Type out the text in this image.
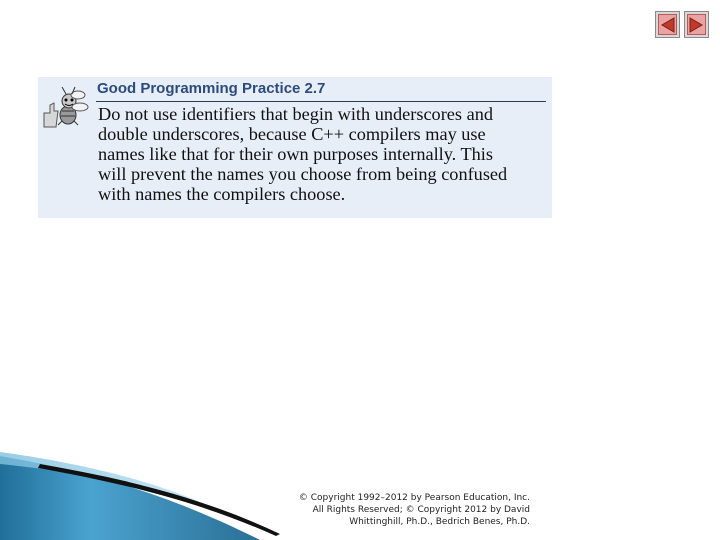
Good Programming Practice 2.7

Do not use identifiers that begin with underscores and
double underscores, because C++ compilers may use
names like that for their own purposes internally. This
will prevent the names you choose from being confused
with names the compilers choose.

© Copyright 1992–2012 by Pearson Education, Inc.
All Rights Reserved; © Copyright 2012 by David
Whittinghill, Ph.D., Bedrich Benes, Ph.D.
